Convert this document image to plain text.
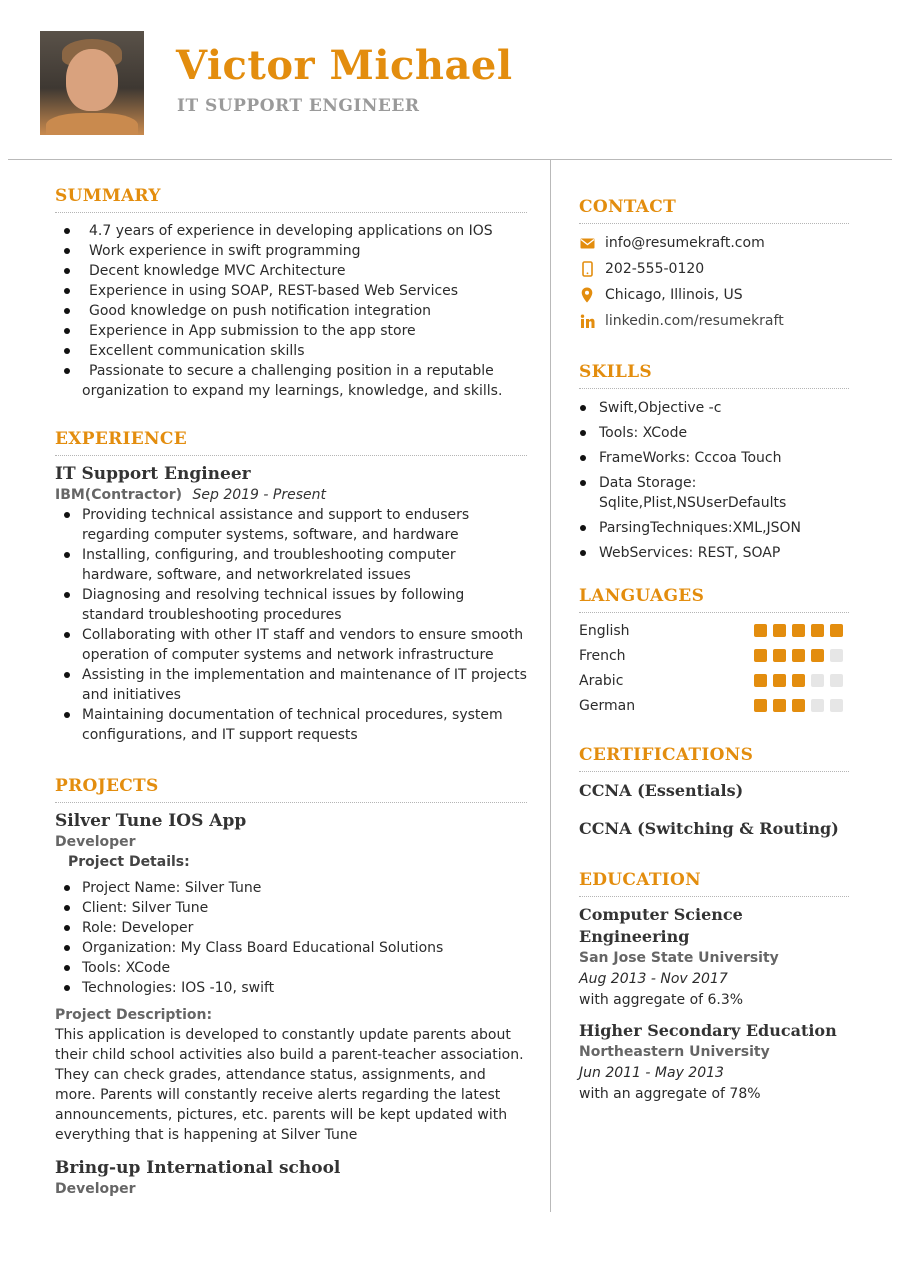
Victor Michael
IT SUPPORT ENGINEER
SUMMARY
4.7 years of experience in developing applications on IOS
Work experience in swift programming
Decent knowledge MVC Architecture
Experience in using SOAP, REST-based Web Services
Good knowledge on push notification integration
Experience in App submission to the app store
Excellent communication skills
Passionate to secure a challenging position in a reputable organization to expand my learnings, knowledge, and skills.
EXPERIENCE
IT Support Engineer
IBM(Contractor) Sep 2019 - Present
Providing technical assistance and support to endusers regarding computer systems, software, and hardware
Installing, configuring, and troubleshooting computer hardware, software, and networkrelated issues
Diagnosing and resolving technical issues by following standard troubleshooting procedures
Collaborating with other IT staff and vendors to ensure smooth operation of computer systems and network infrastructure
Assisting in the implementation and maintenance of IT projects and initiatives
Maintaining documentation of technical procedures, system configurations, and IT support requests
PROJECTS
Silver Tune IOS App
Developer
Project Details:
Project Name: Silver Tune
Client: Silver Tune
Role: Developer
Organization: My Class Board Educational Solutions
Tools: XCode
Technologies: IOS -10, swift
Project Description:

This application is developed to constantly update parents about their child school activities also build a parent-teacher association. They can check grades, attendance status, assignments, and more. Parents will constantly receive alerts regarding the latest announcements, pictures, etc. parents will be kept updated with everything that is happening at Silver Tune

Bring-up International school
Developer
CONTACT
info@resumekraft.com
202-555-0120
Chicago, Illinois, US
linkedin.com/resumekraft
SKILLS
Swift,Objective -c
Tools: XCode
FrameWorks: Cccoa Touch
Data Storage: Sqlite,Plist,NSUserDefaults
ParsingTechniques:XML,JSON
WebServices: REST, SOAP
LANGUAGES
English
French
Arabic
German
CERTIFICATIONS
CCNA (Essentials)
CCNA (Switching & Routing)
EDUCATION
Computer Science Engineering
San Jose State University
Aug 2013 - Nov 2017
with aggregate of 6.3%
Higher Secondary Education
Northeastern University
Jun 2011 - May 2013
with an aggregate of 78%
